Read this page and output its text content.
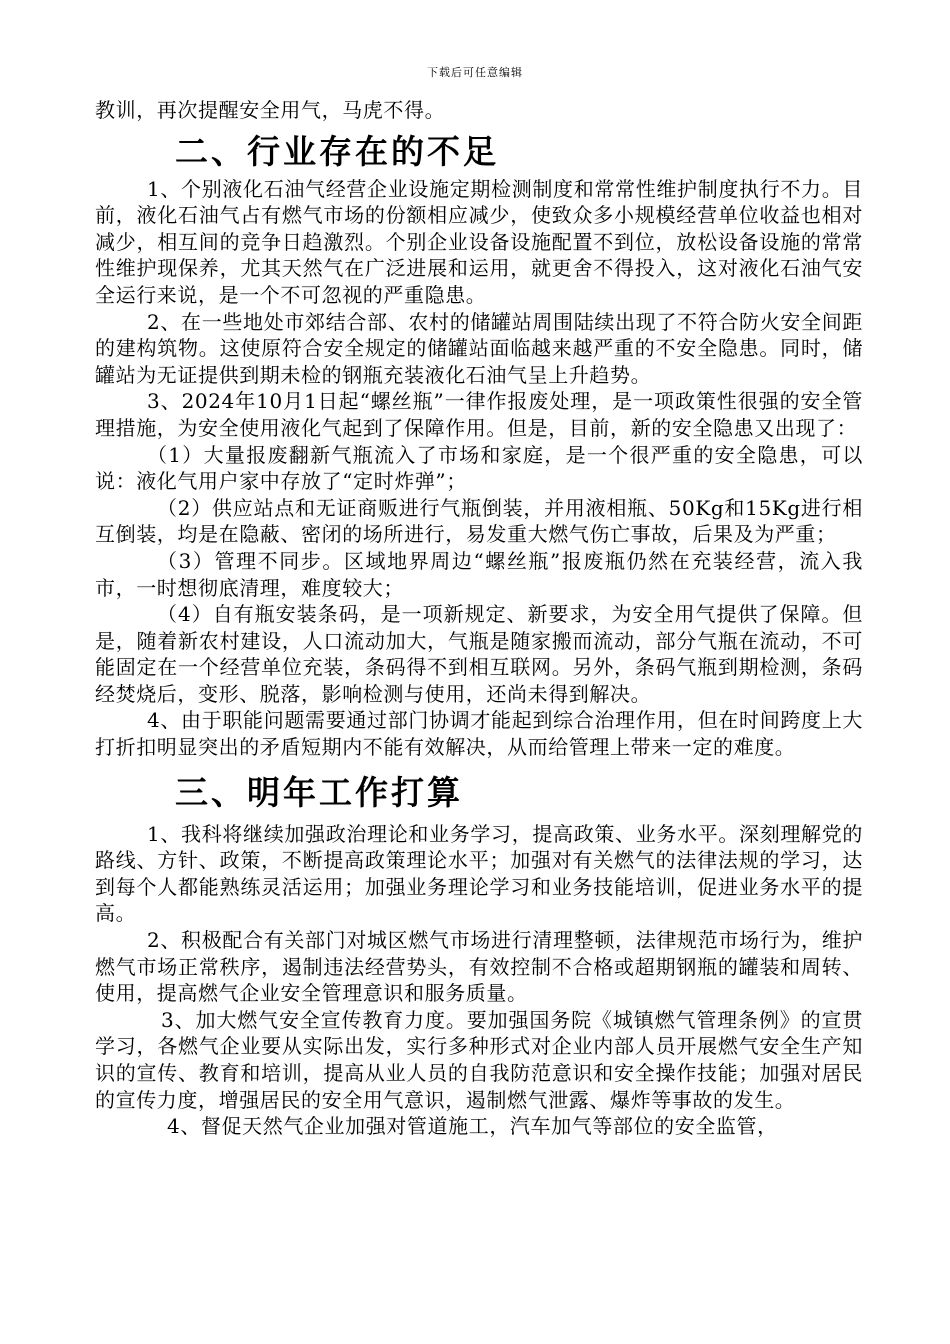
下载后可任意编辑

教训，再次提醒安全用气，马虎不得。

二、行业存在的不足

1、个别液化石油气经营企业设施定期检测制度和常常性维护制度执行不力。目前，液化石油气占有燃气市场的份额相应减少，使致众多小规模经营单位收益也相对减少，相互间的竞争日趋激烈。个别企业设备设施配置不到位，放松设备设施的常常性维护现保养，尤其天然气在广泛进展和运用，就更舍不得投入，这对液化石油气安全运行来说，是一个不可忽视的严重隐患。

2、在一些地处市郊结合部、农村的储罐站周围陆续出现了不符合防火安全间距的建构筑物。这使原符合安全规定的储罐站面临越来越严重的不安全隐患。同时，储罐站为无证提供到期未检的钢瓶充装液化石油气呈上升趋势。

3、2024年10月1日起“螺丝瓶”一律作报废处理，是一项政策性很强的安全管理措施，为安全使用液化气起到了保障作用。但是，目前，新的安全隐患又出现了：

（1）大量报废翻新气瓶流入了市场和家庭，是一个很严重的安全隐患，可以说：液化气用户家中存放了“定时炸弹”；

（2）供应站点和无证商贩进行气瓶倒装，并用液相瓶、50Kg和15Kg进行相互倒装，均是在隐蔽、密闭的场所进行，易发重大燃气伤亡事故，后果及为严重；

（3）管理不同步。区域地界周边“螺丝瓶”报废瓶仍然在充装经营，流入我市，一时想彻底清理，难度较大；

（4）自有瓶安装条码，是一项新规定、新要求，为安全用气提供了保障。但是，随着新农村建设，人口流动加大，气瓶是随家搬而流动，部分气瓶在流动，不可能固定在一个经营单位充装，条码得不到相互联网。另外，条码气瓶到期检测，条码经焚烧后，变形、脱落，影响检测与使用，还尚未得到解决。

4、由于职能问题需要通过部门协调才能起到综合治理作用，但在时间跨度上大打折扣明显突出的矛盾短期内不能有效解决，从而给管理上带来一定的难度。

三、明年工作打算

1、我科将继续加强政治理论和业务学习，提高政策、业务水平。深刻理解党的路线、方针、政策，不断提高政策理论水平；加强对有关燃气的法律法规的学习，达到每个人都能熟练灵活运用；加强业务理论学习和业务技能培训，促进业务水平的提高。

2、积极配合有关部门对城区燃气市场进行清理整顿，法律规范市场行为，维护燃气市场正常秩序，遏制违法经营势头，有效控制不合格或超期钢瓶的罐装和周转、使用，提高燃气企业安全管理意识和服务质量。

3、加大燃气安全宣传教育力度。要加强国务院《城镇燃气管理条例》的宣贯学习，各燃气企业要从实际出发，实行多种形式对企业内部人员开展燃气安全生产知识的宣传、教育和培训，提高从业人员的自我防范意识和安全操作技能；加强对居民的宣传力度，增强居民的安全用气意识，遏制燃气泄露、爆炸等事故的发生。

4、督促天然气企业加强对管道施工，汽车加气等部位的安全监管，
